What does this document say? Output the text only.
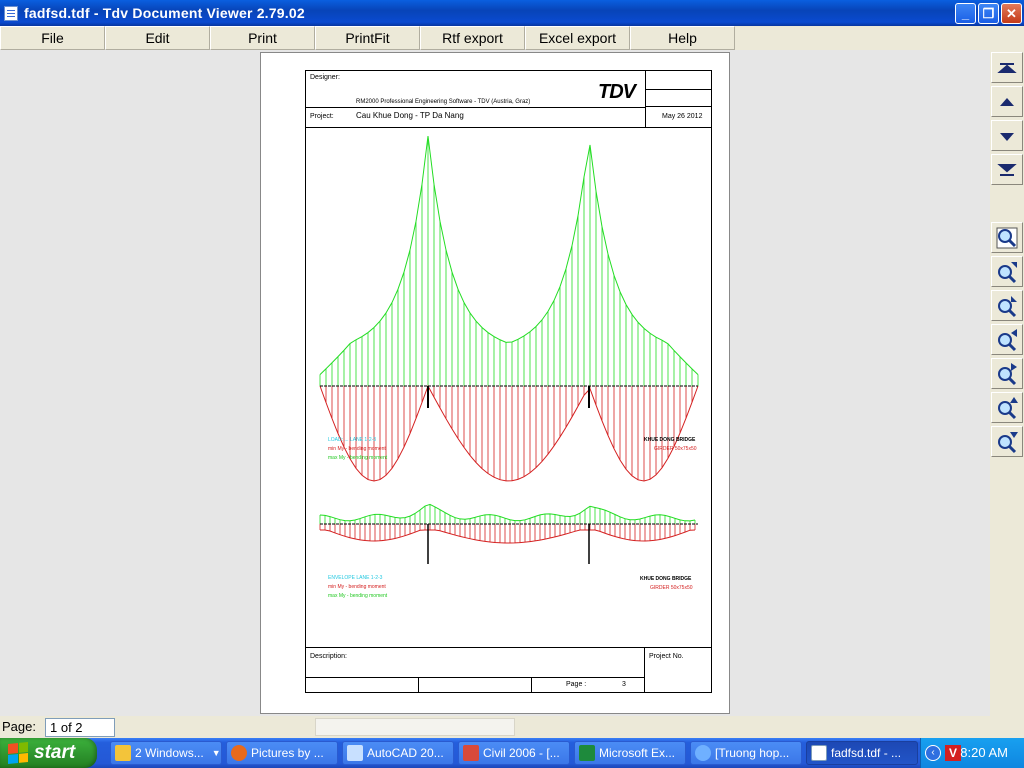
fadfsd.tdf - Tdv Document Viewer 2.79.02	_	❐ ✕
File	Edit	Print	PrintFit	Rtf export	Excel export	Help
Designer:
RM2000 Professional Engineering Software - TDV (Austria, Graz)	TDV
Project:	Cau Khue Dong - TP Da Nang	May 26 2012
LOAD: ... LANE 1-2-3
min My - bending moment
max My - bending moment
KHUE DONG BRIDGE
GIRDER 50x75x50
ENVELOPE LANE 1-2-3
min My - bending moment
max My - bending moment
KHUE DONG BRIDGE
GIRDER 50x75x50
Description:	Project No.
Page :	3
Page:	1 of 2
start	2 Windows... ▼	Pictures by ...	AutoCAD 20...	Civil 2006 - [...	Microsoft Ex...	[Truong hop...	fadfsd.tdf - ...	‹	V 8:20 AM
